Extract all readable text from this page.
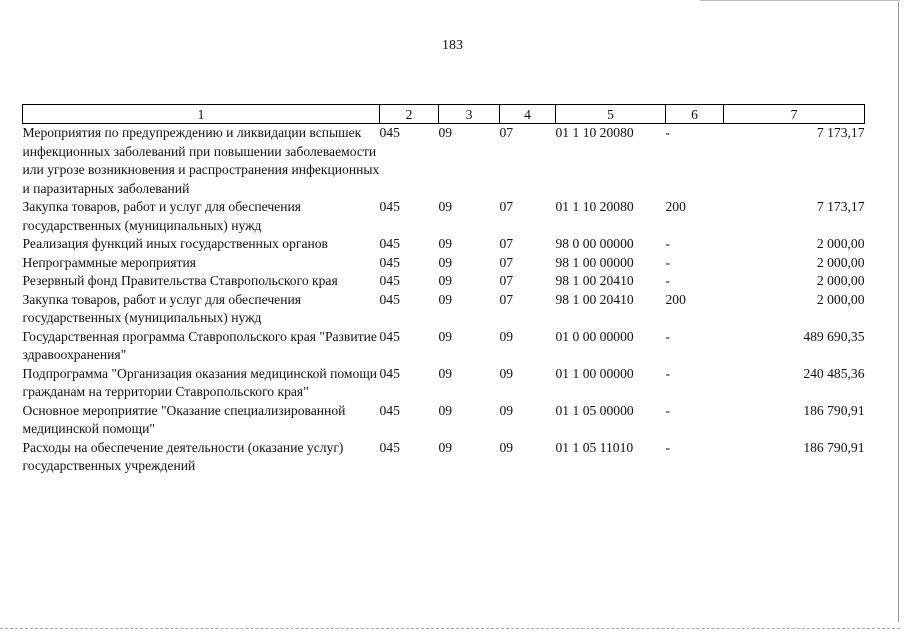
183
1	2	3	4	5	6	7
Мероприятия по предупреждению и ликвидации вспышек инфекционных заболеваний при повышении заболеваемости или угрозе возникновения и распространения инфекционных и паразитарных заболеваний	045	09	07	01 1 10 20080	-	7 173,17
Закупка товаров, работ и услуг для обеспечения государственных (муниципальных) нужд	045	09	07	01 1 10 20080	200	7 173,17
Реализация функций иных государственных органов	045	09	07	98 0 00 00000	-	2 000,00
Непрограммные мероприятия	045	09	07	98 1 00 00000	-	2 000,00
Резервный фонд Правительства Ставропольского края	045	09	07	98 1 00 20410	-	2 000,00
Закупка товаров, работ и услуг для обеспечения государственных (муниципальных) нужд	045	09	07	98 1 00 20410	200	2 000,00
Государственная программа Ставропольского края "Развитие здравоохранения"	045	09	09	01 0 00 00000	-	489 690,35
Подпрограмма "Организация оказания медицинской помощи гражданам на территории Ставропольского края"	045	09	09	01 1 00 00000	-	240 485,36
Основное мероприятие "Оказание специализированной медицинской помощи"	045	09	09	01 1 05 00000	-	186 790,91
Расходы на обеспечение деятельности (оказание услуг) государственных учреждений	045	09	09	01 1 05 11010	-	186 790,91
